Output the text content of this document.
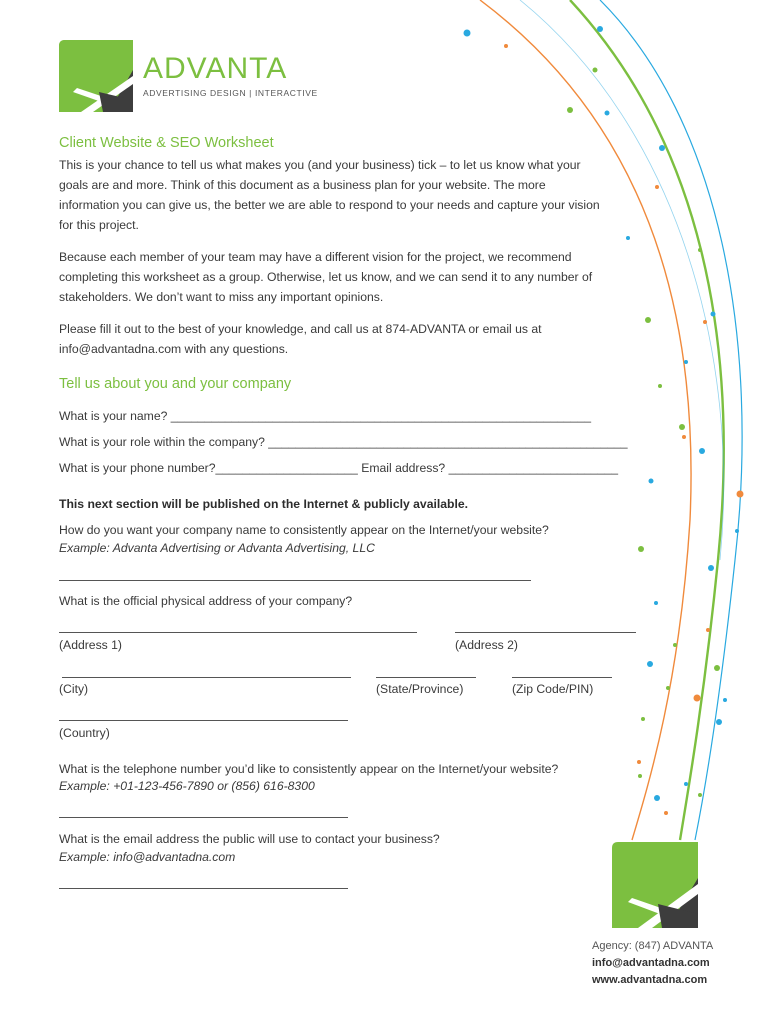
ADVANTA
ADVERTISING DESIGN | INTERACTIVE
Client Website & SEO Worksheet

This is your chance to tell us what makes you (and your business) tick – to let us know what your goals are and more. Think of this document as a business plan for your website. The more information you can give us, the better we are able to respond to your needs and capture your vision for this project.

Because each member of your team may have a different vision for the project, we recommend completing this worksheet as a group. Otherwise, let us know, and we can send it to any number of stakeholders. We don’t want to miss any important opinions.

Please fill it out to the best of your knowledge, and call us at 874-ADVANTA or email us at info@advantadna.com with any questions.

Tell us about you and your company
What is your name? ______________________________________________________________
What is your role within the company? _____________________________________________________
What is your phone number?_____________________ Email address? _________________________
This next section will be published on the Internet & publicly available.
How do you want your company name to consistently appear on the Internet/your website?
Example: Advanta Advertising or Advanta Advertising, LLC
What is the official physical address of your company?
(Address 1)	(Address 2)
(City)	(State/Province)	(Zip Code/PIN)
(Country)
What is the telephone number you’d like to consistently appear on the Internet/your website?
Example: +01-123-456-7890 or (856) 616-8300
What is the email address the public will use to contact your business?
Example: info@advantadna.com
Agency: (847) ADVANTA
info@advantadna.com
www.advantadna.com
